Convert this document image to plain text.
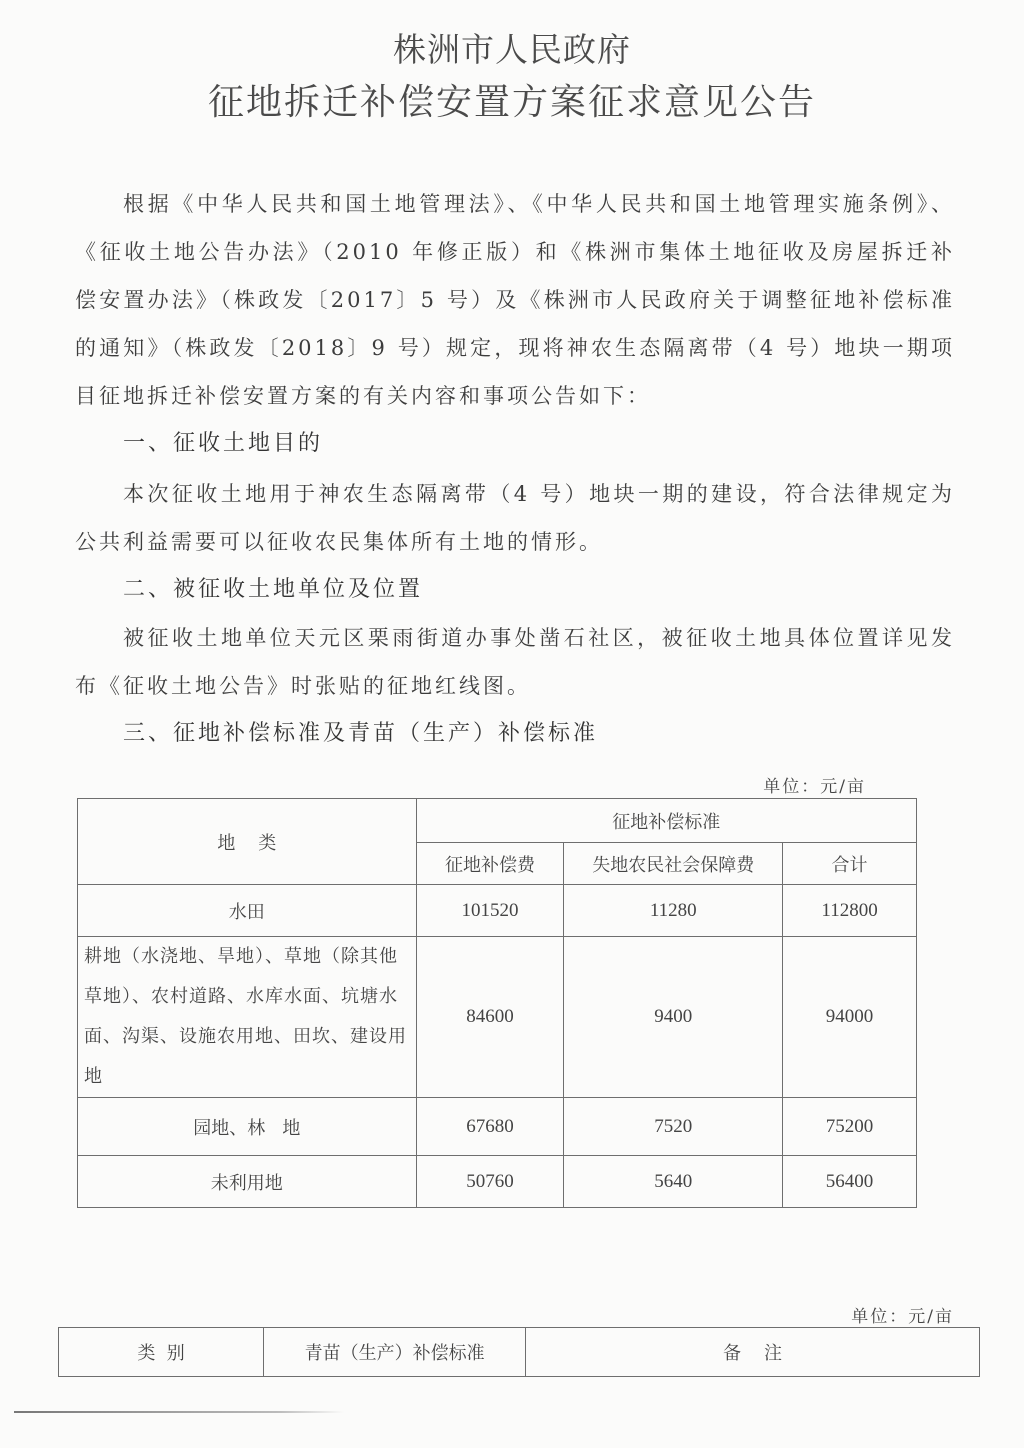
株洲市人民政府
征地拆迁补偿安置方案征求意见公告
根据《中华人民共和国土地管理法》、《中华人民共和国土地管理实施条例》、《征收土地公告办法》（2010 年修正版）和《株洲市集体土地征收及房屋拆迁补偿安置办法》（株政发〔2017〕5 号）及《株洲市人民政府关于调整征地补偿标准的通知》（株政发〔2018〕9 号）规定，现将神农生态隔离带（4 号）地块一期项目征地拆迁补偿安置方案的有关内容和事项公告如下：
一、征收土地目的
本次征收土地用于神农生态隔离带（4 号）地块一期的建设，符合法律规定为公共利益需要可以征收农民集体所有土地的情形。
二、被征收土地单位及位置
被征收土地单位天元区栗雨街道办事处凿石社区，被征收土地具体位置详见发布《征收土地公告》时张贴的征地红线图。
三、征地补偿标准及青苗（生产）补偿标准
单位：元/亩
地    类	征地补偿标准		
	征地补偿费	失地农民社会保障费	合计
水田	101520	11280	112800
耕地（水浇地、旱地）、草地（除其他草地）、农村道路、水库水面、坑塘水面、沟渠、设施农用地、田坎、建设用地	84600	9400	94000
园地、林   地	67680	7520	75200
未利用地	50760	5640	56400
单位：元/亩
类  别	青苗（生产）补偿标准	备    注
